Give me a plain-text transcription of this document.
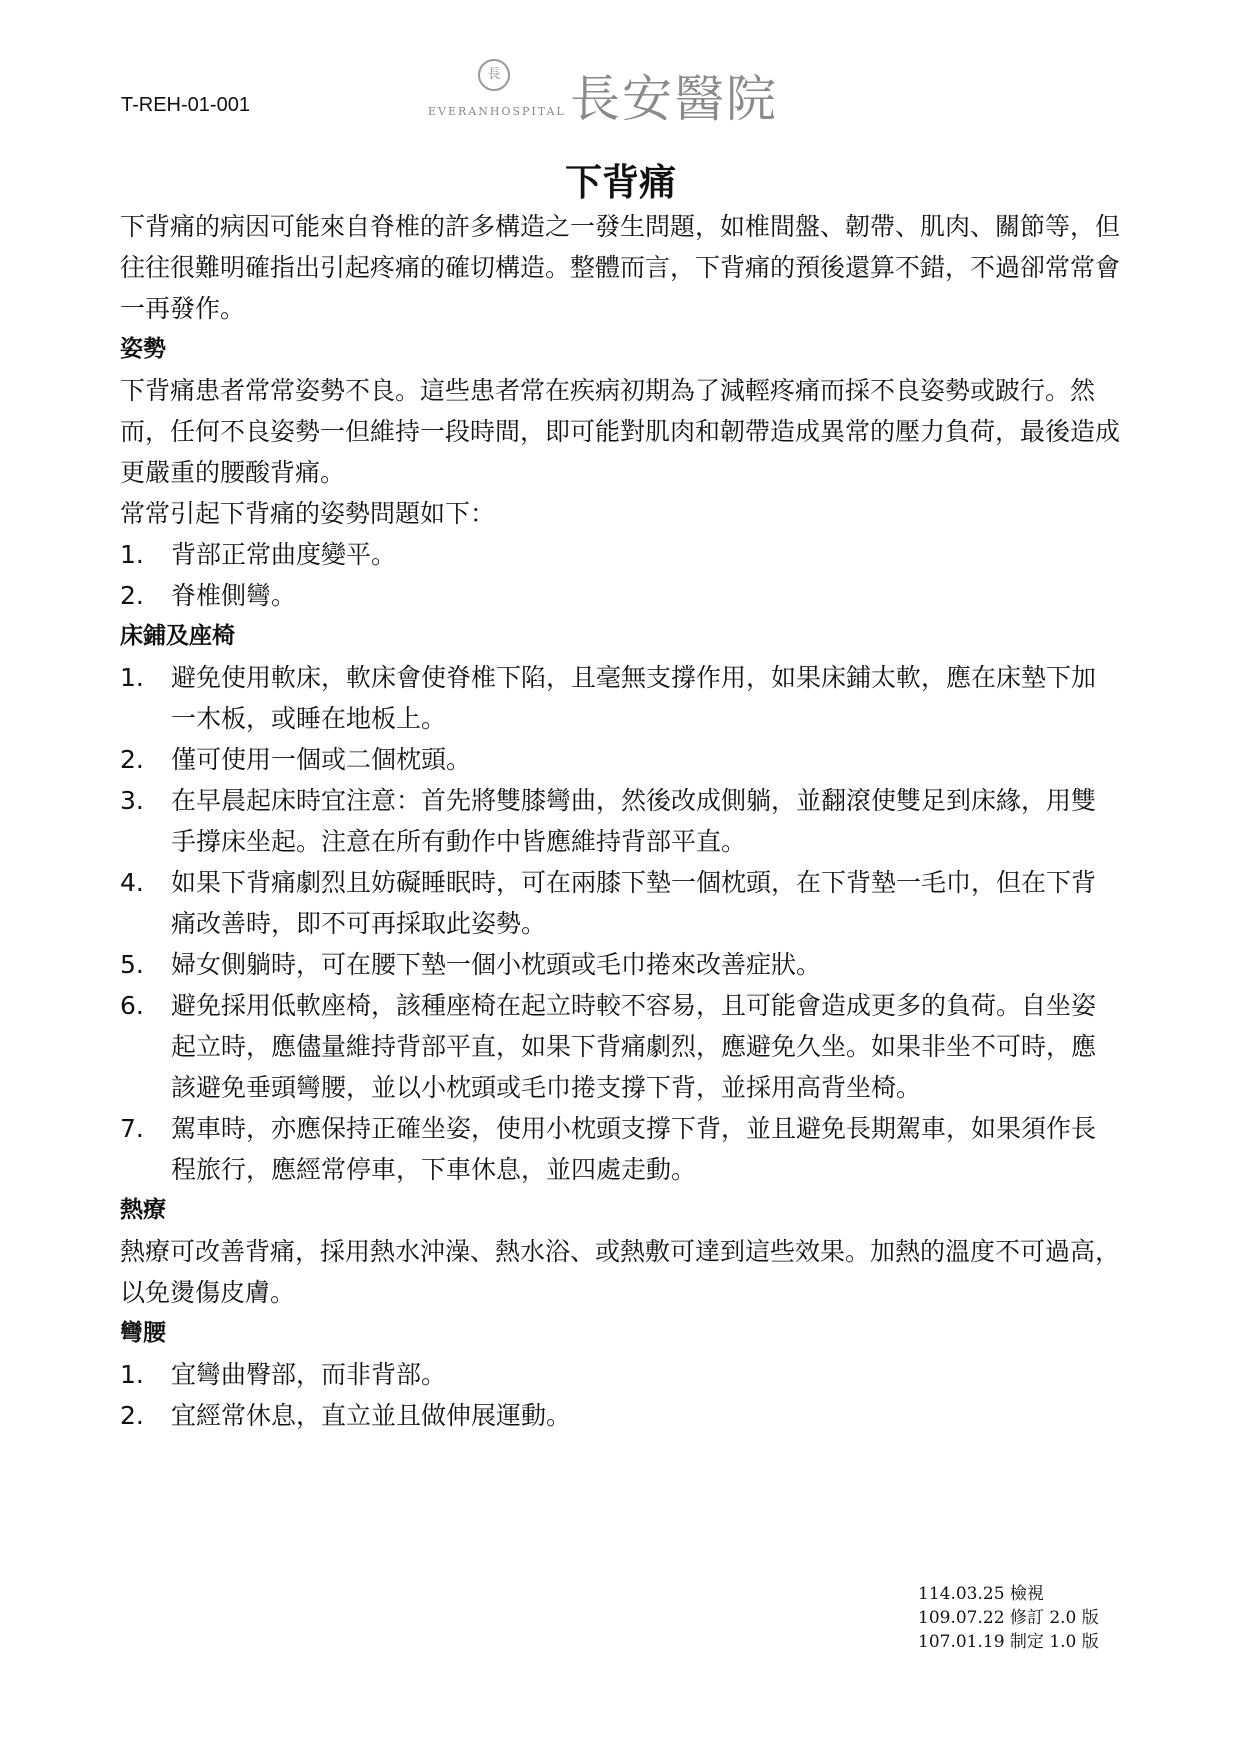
T-REH-01-001
長
EVERANHOSPITAL 長安醫院
下背痛

下背痛的病因可能來自脊椎的許多構造之一發生問題，如椎間盤、韌帶、肌肉、關節等，但往往很難明確指出引起疼痛的確切構造。整體而言，下背痛的預後還算不錯，不過卻常常會一再發作。

姿勢

下背痛患者常常姿勢不良。這些患者常在疾病初期為了減輕疼痛而採不良姿勢或跛行。然而，任何不良姿勢一但維持一段時間，即可能對肌肉和韌帶造成異常的壓力負荷，最後造成更嚴重的腰酸背痛。

常常引起下背痛的姿勢問題如下：

1.	背部正常曲度變平。
2.	脊椎側彎。
床鋪及座椅
1.	避免使用軟床，軟床會使脊椎下陷，且毫無支撐作用，如果床鋪太軟，應在床墊下加一木板，或睡在地板上。
2.	僅可使用一個或二個枕頭。
3.	在早晨起床時宜注意：首先將雙膝彎曲，然後改成側躺，並翻滾使雙足到床緣，用雙手撐床坐起。注意在所有動作中皆應維持背部平直。
4.	如果下背痛劇烈且妨礙睡眠時，可在兩膝下墊一個枕頭，在下背墊一毛巾，但在下背痛改善時，即不可再採取此姿勢。
5.	婦女側躺時，可在腰下墊一個小枕頭或毛巾捲來改善症狀。
6.	避免採用低軟座椅，該種座椅在起立時較不容易，且可能會造成更多的負荷。自坐姿起立時，應儘量維持背部平直，如果下背痛劇烈，應避免久坐。如果非坐不可時，應該避免垂頭彎腰，並以小枕頭或毛巾捲支撐下背，並採用高背坐椅。
7.	駕車時，亦應保持正確坐姿，使用小枕頭支撐下背，並且避免長期駕車，如果須作長程旅行，應經常停車，下車休息，並四處走動。
熱療

熱療可改善背痛，採用熱水沖澡、熱水浴、或熱敷可達到這些效果。加熱的溫度不可過高，以免燙傷皮膚。

彎腰
1.	宜彎曲臀部，而非背部。
2.	宜經常休息，直立並且做伸展運動。
114.03.25 檢視
109.07.22 修訂 2.0 版
107.01.19 制定 1.0 版
